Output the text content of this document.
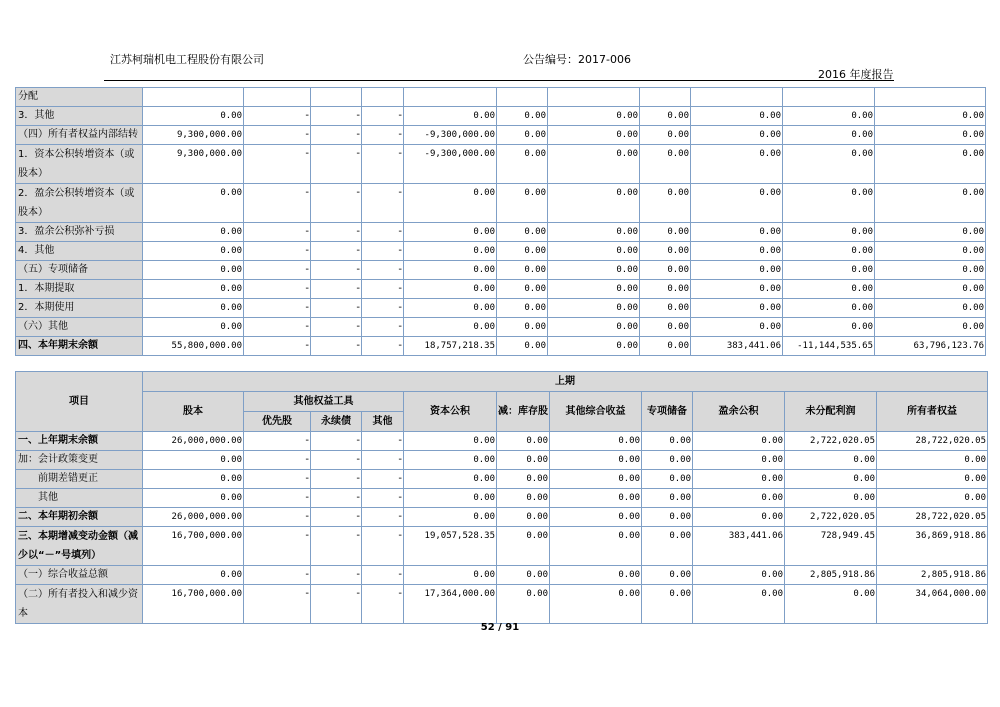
江苏柯瑞机电工程股份有限公司	公告编号：2017-006
2016 年度报告
分配											
3．其他	0.00	-	-	-	0.00	0.00	0.00	0.00	0.00	0.00	0.00
（四）所有者权益内部结转	9,300,000.00	-	-	-	-9,300,000.00	0.00	0.00	0.00	0.00	0.00	0.00
1．资本公积转增资本（或股本）	9,300,000.00	-	-	-	-9,300,000.00	0.00	0.00	0.00	0.00	0.00	0.00
2．盈余公积转增资本（或股本）	0.00	-	-	-	0.00	0.00	0.00	0.00	0.00	0.00	0.00
3．盈余公积弥补亏损	0.00	-	-	-	0.00	0.00	0.00	0.00	0.00	0.00	0.00
4．其他	0.00	-	-	-	0.00	0.00	0.00	0.00	0.00	0.00	0.00
（五）专项储备	0.00	-	-	-	0.00	0.00	0.00	0.00	0.00	0.00	0.00
1．本期提取	0.00	-	-	-	0.00	0.00	0.00	0.00	0.00	0.00	0.00
2．本期使用	0.00	-	-	-	0.00	0.00	0.00	0.00	0.00	0.00	0.00
（六）其他	0.00	-	-	-	0.00	0.00	0.00	0.00	0.00	0.00	0.00
四、本年期末余额	55,800,000.00	-	-	-	18,757,218.35	0.00	0.00	0.00	383,441.06	-11,144,535.65	63,796,123.76
项目	上期										
	股本	其他权益工具			资本公积	减：库存股	其他综合收益	专项储备	盈余公积	未分配利润	所有者权益
		优先股	永续债	其他							
一、上年期末余额	26,000,000.00	-	-	-	0.00	0.00	0.00	0.00	0.00	2,722,020.05	28,722,020.05
加：会计政策变更	0.00	-	-	-	0.00	0.00	0.00	0.00	0.00	0.00	0.00
　　前期差错更正	0.00	-	-	-	0.00	0.00	0.00	0.00	0.00	0.00	0.00
　　其他	0.00	-	-	-	0.00	0.00	0.00	0.00	0.00	0.00	0.00
二、本年期初余额	26,000,000.00	-	-	-	0.00	0.00	0.00	0.00	0.00	2,722,020.05	28,722,020.05
三、本期增减变动金额（减少以“－”号填列）	16,700,000.00	-	-	-	19,057,528.35	0.00	0.00	0.00	383,441.06	728,949.45	36,869,918.86
（一）综合收益总额	0.00	-	-	-	0.00	0.00	0.00	0.00	0.00	2,805,918.86	2,805,918.86
（二）所有者投入和减少资本	16,700,000.00	-	-	-	17,364,000.00	0.00	0.00	0.00	0.00	0.00	34,064,000.00
52 / 91
